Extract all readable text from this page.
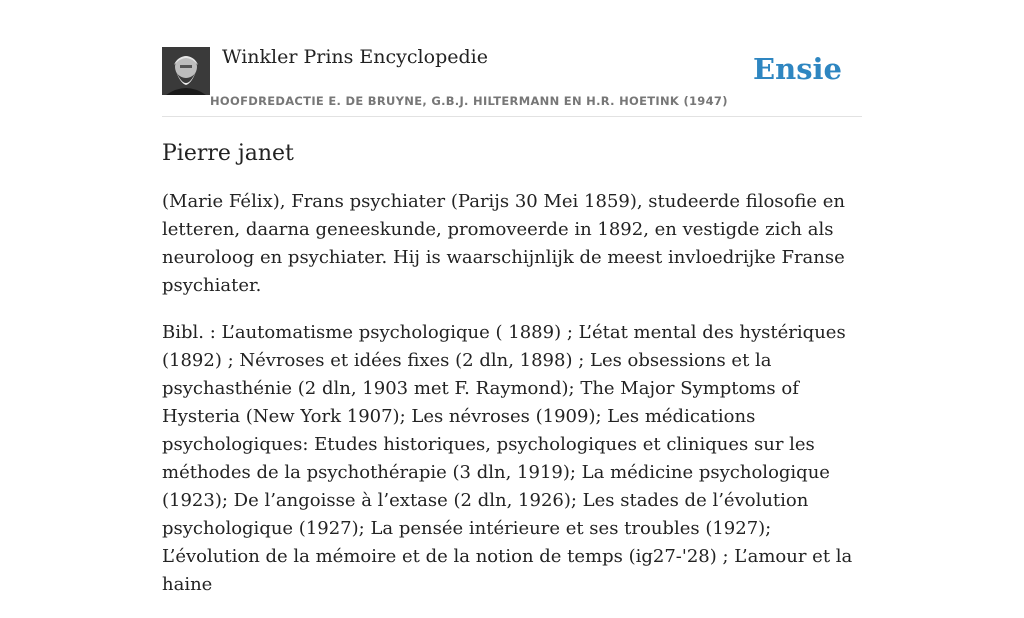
Winkler Prins Encyclopedie
HOOFDREDACTIE E. DE BRUYNE, G.B.J. HILTERMANN EN H.R. HOETINK (1947)
Ensie
Pierre janet

(Marie Félix), Frans psychiater (Parijs 30 Mei 1859), studeerde filosofie en letteren, daarna geneeskunde, promoveerde in 1892, en vestigde zich als neuroloog en psychiater. Hij is waarschijnlijk de meest invloedrijke Franse psychiater.

Bibl. : L’automatisme psychologique ( 1889) ; L’état mental des hystériques (1892) ; Névroses et idées fixes (2 dln, 1898) ; Les obsessions et la psychasthénie (2 dln, 1903 met F. Raymond); The Major Symptoms of Hysteria (New York 1907); Les névroses (1909); Les médications psychologiques: Etudes historiques, psychologiques et cliniques sur les méthodes de la psychothérapie (3 dln, 1919); La médicine psychologique (1923); De l’angoisse à l’extase (2 dln, 1926); Les stades de l’évolution psychologique (1927); La pensée intérieure et ses troubles (1927); L’évolution de la mémoire et de la notion de temps (ig27-'28) ; L’amour et la haine
